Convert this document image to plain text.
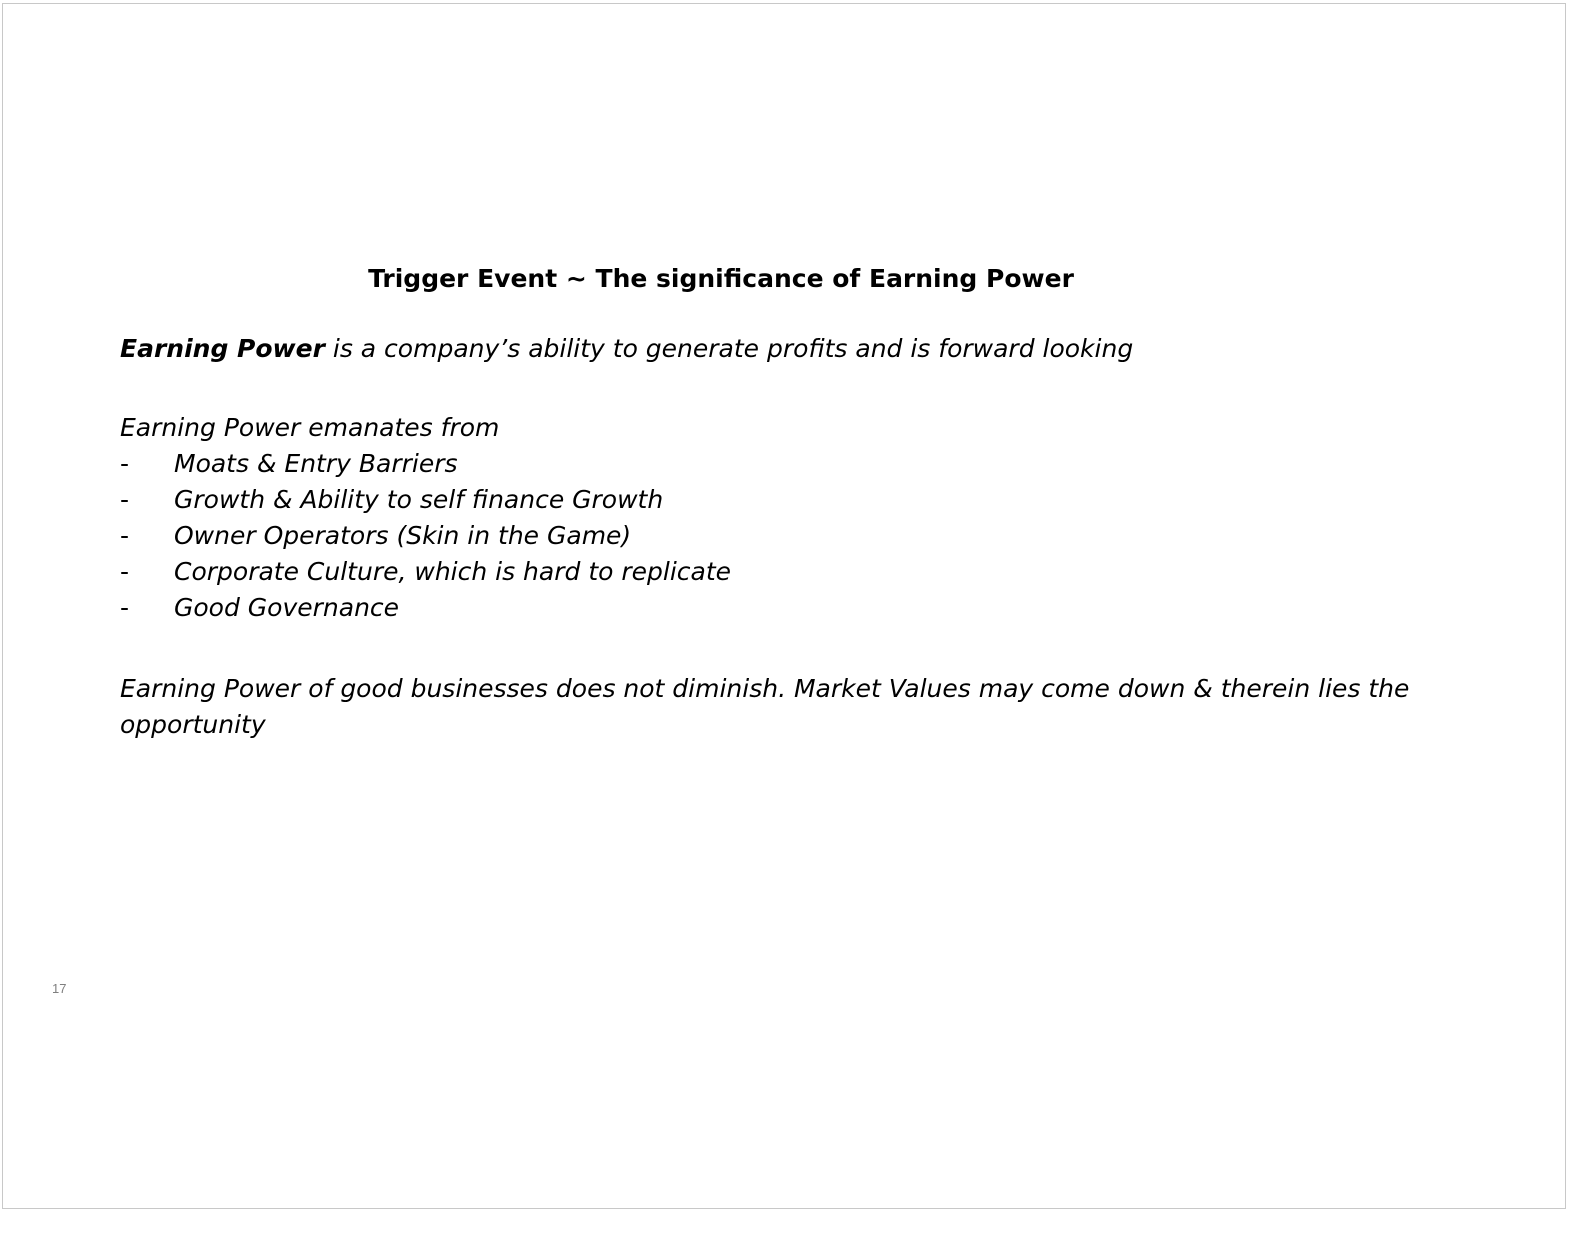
Trigger Event ~ The significance of Earning Power
Earning Power is a company’s ability to generate profits and is forward looking
Earning Power emanates from
- Moats & Entry Barriers
- Growth & Ability to self finance Growth
- Owner Operators (Skin in the Game)
- Corporate Culture, which is hard to replicate
- Good Governance
Earning Power of good businesses does not diminish. Market Values may come down & therein lies the opportunity
17
